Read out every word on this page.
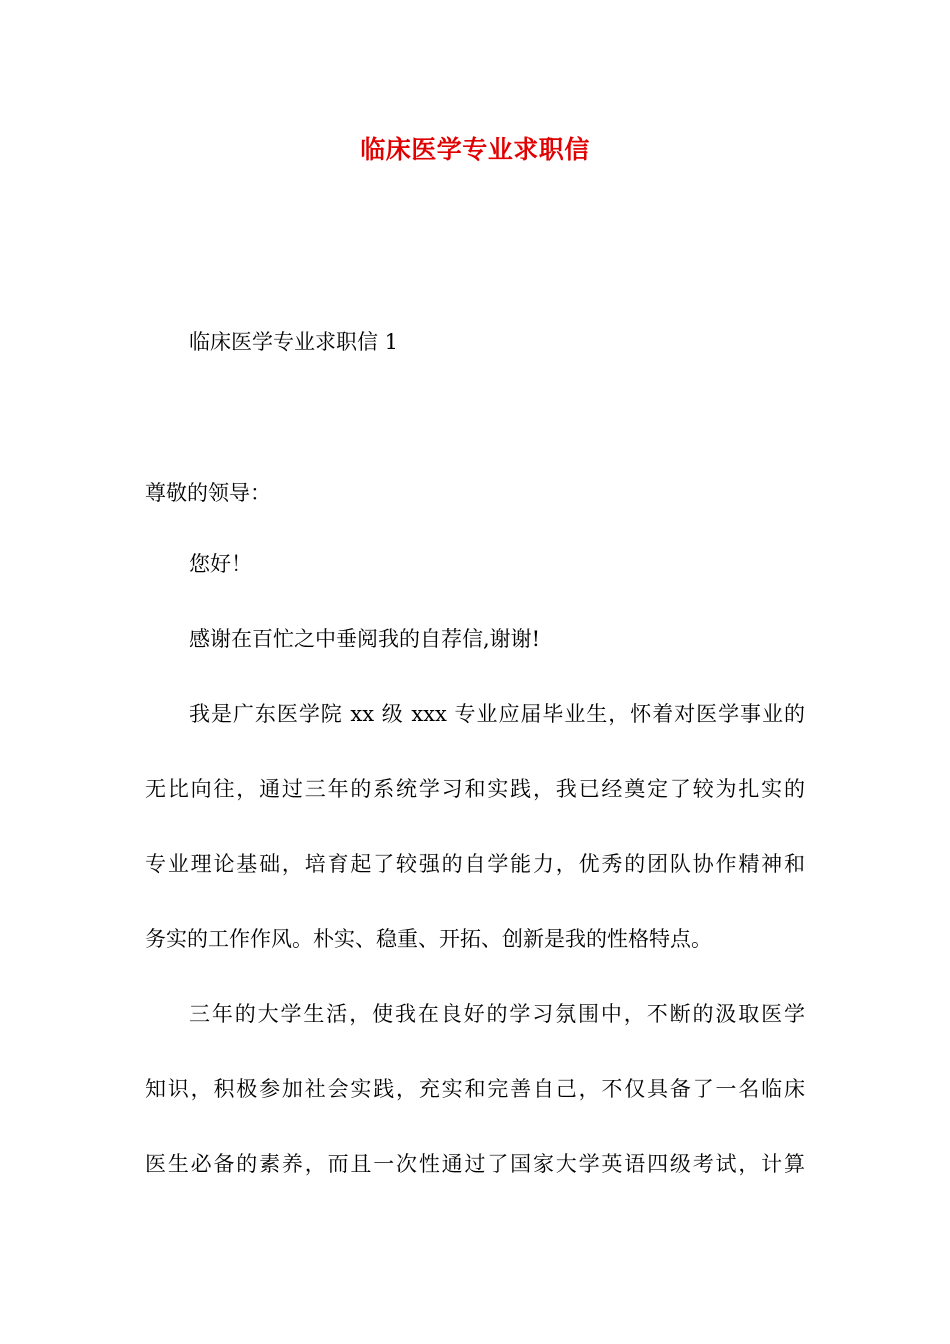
临床医学专业求职信
临床医学专业求职信 1
尊敬的领导：
您好！
感谢在百忙之中垂阅我的自荐信,谢谢!
我是广东医学院 xx 级 xxx 专业应届毕业生，怀着对医学事业的
无比向往，通过三年的系统学习和实践，我已经奠定了较为扎实的
专业理论基础，培育起了较强的自学能力，优秀的团队协作精神和
务实的工作作风。朴实、稳重、开拓、创新是我的性格特点。
三年的大学生活，使我在良好的学习氛围中，不断的汲取医学
知识，积极参加社会实践，充实和完善自己，不仅具备了一名临床
医生必备的素养，而且一次性通过了国家大学英语四级考试，计算
